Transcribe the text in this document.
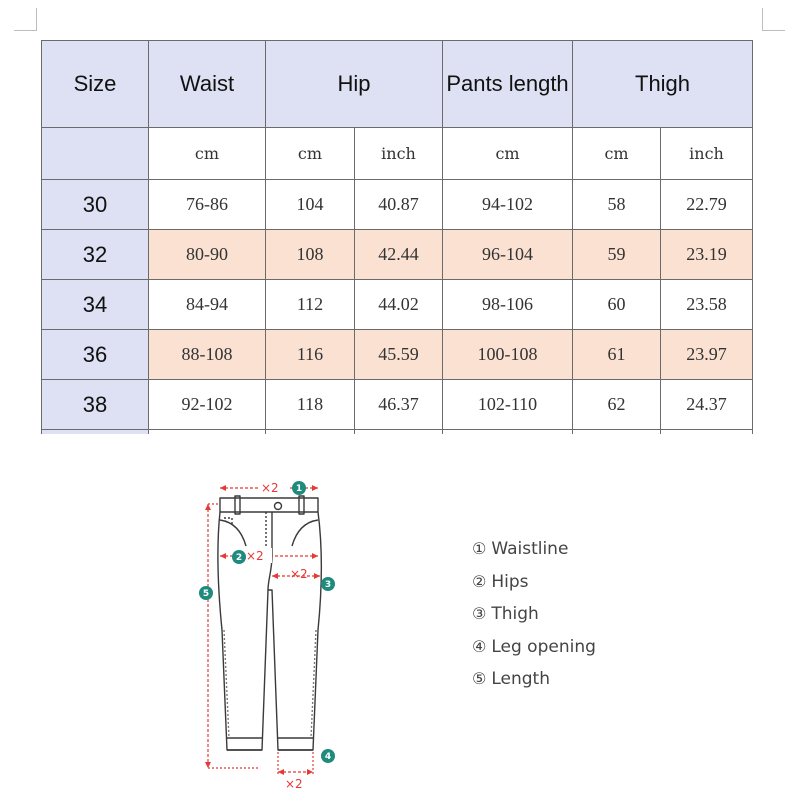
Size	Waist	Hip		Pants length	Thigh	
	cm	cm	inch	cm	cm	inch
30	76-86	104	40.87	94-102	58	22.79
32	80-90	108	42.44	96-104	59	23.19
34	84-94	112	44.02	98-106	60	23.58
36	88-108	116	45.59	100-108	61	23.97
38	92-102	118	46.37	102-110	62	24.37

×2
×2
×2
×2
1
2
3
4
5
① Waistline
② Hips
③ Thigh
④ Leg opening
⑤ Length
